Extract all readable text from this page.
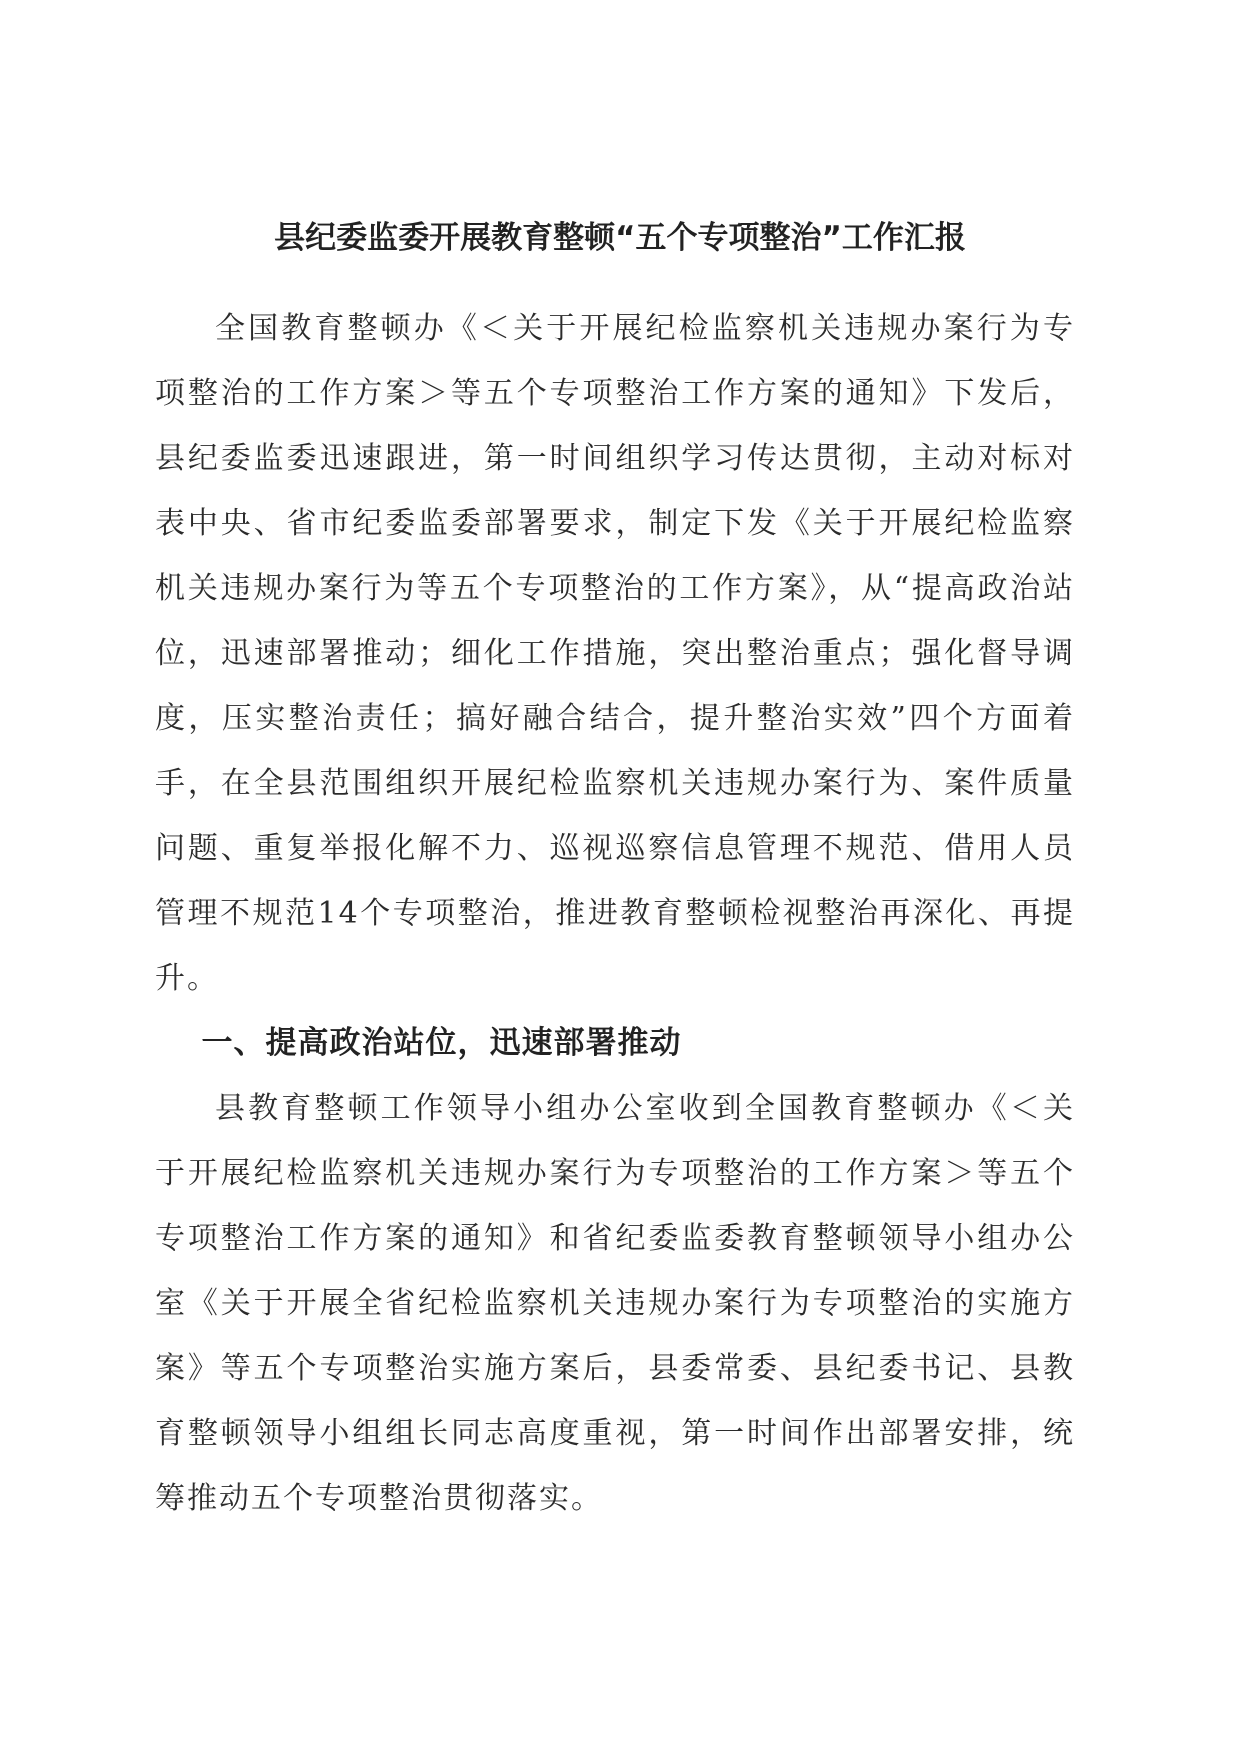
县纪委监委开展教育整顿“五个专项整治”工作汇报

全国教育整顿办《＜关于开展纪检监察机关违规办案行为专项整治的工作方案＞等五个专项整治工作方案的通知》下发后，县纪委监委迅速跟进，第一时间组织学习传达贯彻，主动对标对表中央、省市纪委监委部署要求，制定下发《关于开展纪检监察机关违规办案行为等五个专项整治的工作方案》，从“提高政治站位，迅速部署推动；细化工作措施，突出整治重点；强化督导调度，压实整治责任；搞好融合结合，提升整治实效”四个方面着手，在全县范围组织开展纪检监察机关违规办案行为、案件质量问题、重复举报化解不力、巡视巡察信息管理不规范、借用人员管理不规范14个专项整治，推进教育整顿检视整治再深化、再提升。

一、提高政治站位，迅速部署推动

县教育整顿工作领导小组办公室收到全国教育整顿办《＜关于开展纪检监察机关违规办案行为专项整治的工作方案＞等五个专项整治工作方案的通知》和省纪委监委教育整顿领导小组办公室《关于开展全省纪检监察机关违规办案行为专项整治的实施方案》等五个专项整治实施方案后，县委常委、县纪委书记、县教育整顿领导小组组长同志高度重视，第一时间作出部署安排，统筹推动五个专项整治贯彻落实。
